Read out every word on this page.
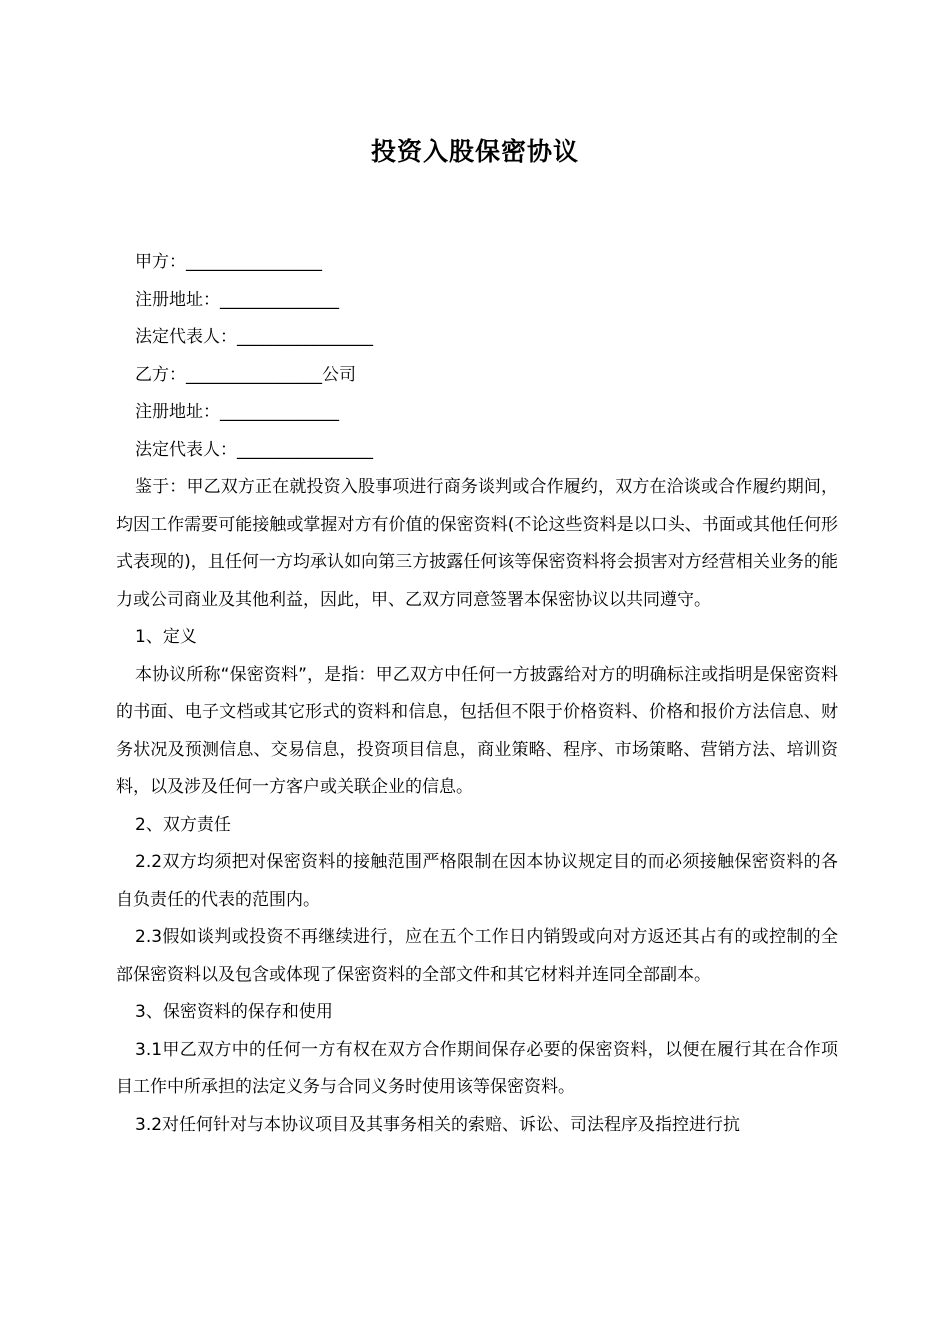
投资入股保密协议
甲方：________________
注册地址：______________
法定代表人：________________
乙方：________________公司
注册地址：______________
法定代表人：________________

鉴于：甲乙双方正在就投资入股事项进行商务谈判或合作履约，双方在洽谈或合作履约期间，均因工作需要可能接触或掌握对方有价值的保密资料(不论这些资料是以口头、书面或其他任何形式表现的)，且任何一方均承认如向第三方披露任何该等保密资料将会损害对方经营相关业务的能力或公司商业及其他利益，因此，甲、乙双方同意签署本保密协议以共同遵守。

1、定义

本协议所称“保密资料”，是指：甲乙双方中任何一方披露给对方的明确标注或指明是保密资料的书面、电子文档或其它形式的资料和信息，包括但不限于价格资料、价格和报价方法信息、财务状况及预测信息、交易信息，投资项目信息，商业策略、程序、市场策略、营销方法、培训资料，以及涉及任何一方客户或关联企业的信息。

2、双方责任

2.2双方均须把对保密资料的接触范围严格限制在因本协议规定目的而必须接触保密资料的各自负责任的代表的范围内。

2.3假如谈判或投资不再继续进行，应在五个工作日内销毁或向对方返还其占有的或控制的全部保密资料以及包含或体现了保密资料的全部文件和其它材料并连同全部副本。

3、保密资料的保存和使用

3.1甲乙双方中的任何一方有权在双方合作期间保存必要的保密资料，以便在履行其在合作项目工作中所承担的法定义务与合同义务时使用该等保密资料。

3.2对任何针对与本协议项目及其事务相关的索赔、诉讼、司法程序及指控进行抗
